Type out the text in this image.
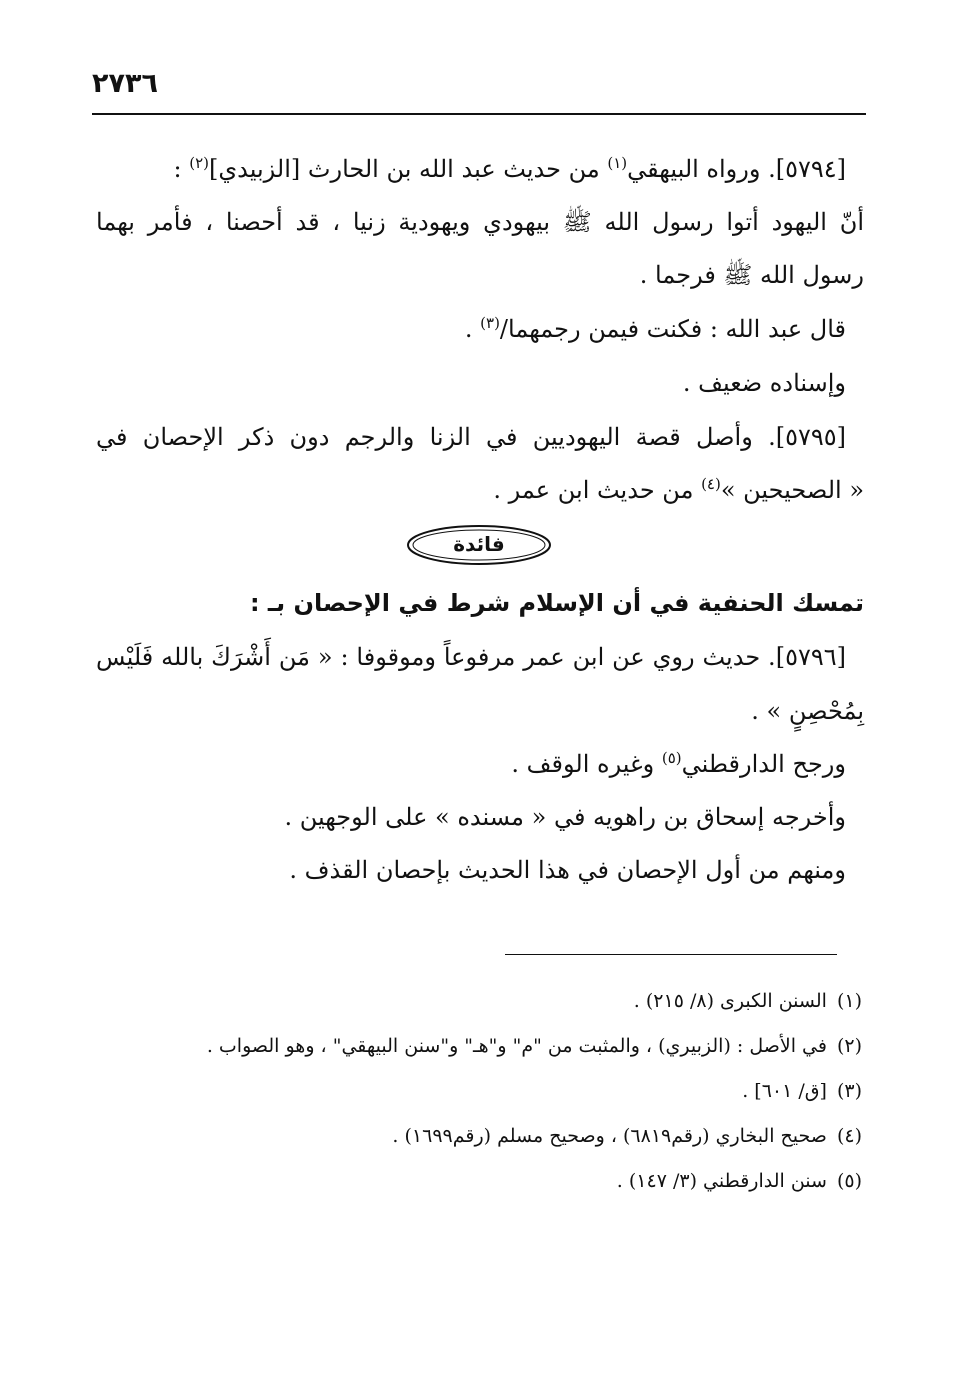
٢٧٣٦
[٥٧٩٤]. ورواه البيهقي$^{(١)}$ من حديث عبد الله بن الحارث [الزبيدي]$^{(٢)}$ :
أنّ اليهود أتوا رسول الله ﷺ بيهودي ويهودية زنيا ، قد أحصنا ، فأمر بهما
رسول الله ﷺ فرجما .
قال عبد الله : فكنت فيمن رجمهما/$^{(٣)}$ .
وإسناده ضعيف .
[٥٧٩٥]. وأصل قصة اليهوديين في الزنا والرجم دون ذكر الإحصان في
« الصحيحين »$^{(٤)}$ من حديث ابن عمر .
فائدة
تمسك الحنفية في أن الإسلام شرط في الإحصان بـ :
[٥٧٩٦]. حديث روي عن ابن عمر مرفوعاً وموقوفا : « مَن أَشْرَكَ بالله فَلَيْس
بِمُحْصِنٍ » .
ورجح الدارقطني$^{(٥)}$ وغيره الوقف .
وأخرجه إسحاق بن راهويه في « مسنده » على الوجهين .
ومنهم من أول الإحصان في هذا الحديث بإحصان القذف .
(١)السنن الكبرى (٨/ ٢١٥) .
(٢)في الأصل : (الزبيري) ، والمثبت من "م" و"هـ" و"سنن البيهقي" ، وهو الصواب .
(٣)[ق/ ٦٠١] .
(٤)صحيح البخاري (رقم٦٨١٩) ، وصحيح مسلم (رقم١٦٩٩) .
(٥)سنن الدارقطني (٣/ ١٤٧) .
